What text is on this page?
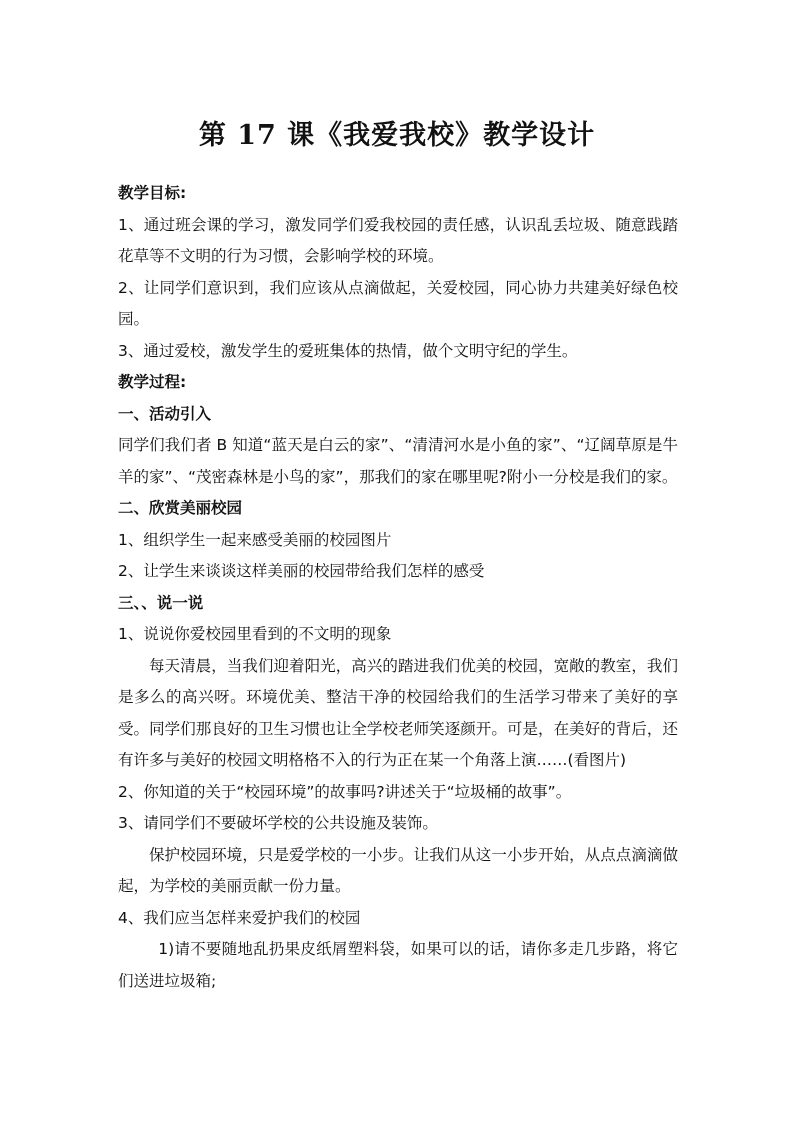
第 17 课《我爱我校》教学设计

教学目标:

1、通过班会课的学习，激发同学们爱我校园的责任感，认识乱丢垃圾、随意践踏花草等不文明的行为习惯，会影响学校的环境。

2、让同学们意识到，我们应该从点滴做起，关爱校园，同心协力共建美好绿色校园。

3、通过爱校，激发学生的爱班集体的热情，做个文明守纪的学生。

教学过程:

一、活动引入

同学们我们者 B 知道“蓝天是白云的家”、“清清河水是小鱼的家”、“辽阔草原是牛羊的家”、“茂密森林是小鸟的家”，那我们的家在哪里呢?附小一分校是我们的家。

二、欣赏美丽校园

1、组织学生一起来感受美丽的校园图片

2、让学生来谈谈这样美丽的校园带给我们怎样的感受

三、、说一说

1、说说你爱校园里看到的不文明的现象

每天清晨，当我们迎着阳光，高兴的踏进我们优美的校园，宽敞的教室，我们是多么的高兴呀。环境优美、整洁干净的校园给我们的生活学习带来了美好的享受。同学们那良好的卫生习惯也让全学校老师笑逐颜开。可是，在美好的背后，还有许多与美好的校园文明格格不入的行为正在某一个角落上演……(看图片)

2、你知道的关于“校园环境”的故事吗?讲述关于“垃圾桶的故事”。

3、请同学们不要破坏学校的公共设施及装饰。

保护校园环境，只是爱学校的一小步。让我们从这一小步开始，从点点滴滴做起，为学校的美丽贡献一份力量。

4、我们应当怎样来爱护我们的校园

1)请不要随地乱扔果皮纸屑塑料袋，如果可以的话，请你多走几步路，将它们送进垃圾箱;
